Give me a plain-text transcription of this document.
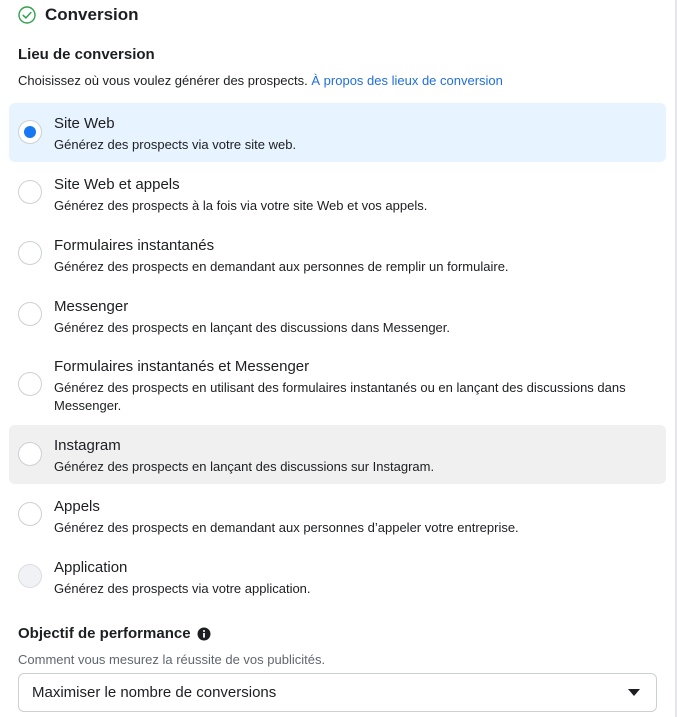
Conversion
Lieu de conversion
Choisissez où vous voulez générer des prospects. À propos des lieux de conversion
Site Web
Générez des prospects via votre site web.
Site Web et appels
Générez des prospects à la fois via votre site Web et vos appels.
Formulaires instantanés
Générez des prospects en demandant aux personnes de remplir un formulaire.
Messenger
Générez des prospects en lançant des discussions dans Messenger.
Formulaires instantanés et Messenger
Générez des prospects en utilisant des formulaires instantanés ou en lançant des discussions dans Messenger.
Instagram
Générez des prospects en lançant des discussions sur Instagram.
Appels
Générez des prospects en demandant aux personnes d’appeler votre entreprise.
Application
Générez des prospects via votre application.
Objectif de performance
Comment vous mesurez la réussite de vos publicités.
Maximiser le nombre de conversions
